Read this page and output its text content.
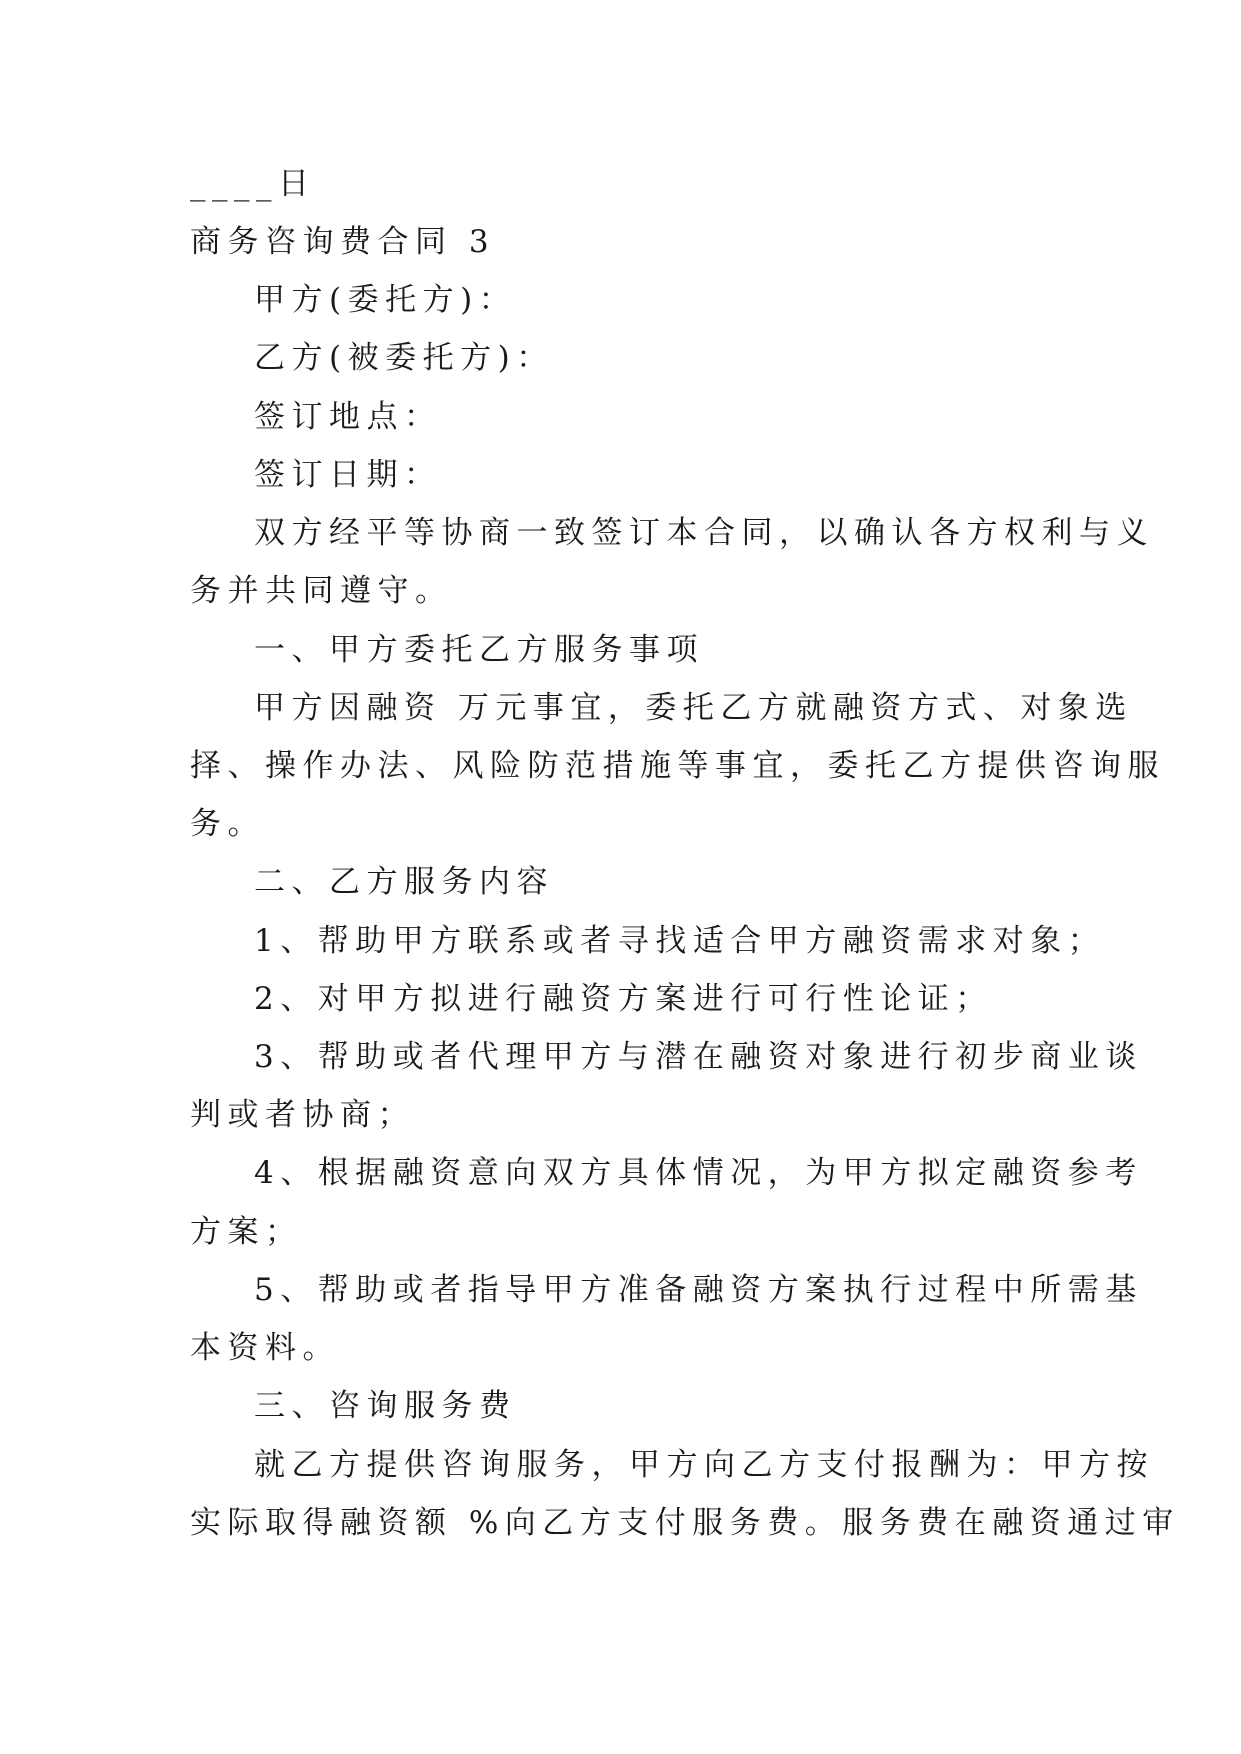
____日
商务咨询费合同 3
甲方(委托方)：
乙方(被委托方)：
签订地点：
签订日期：
双方经平等协商一致签订本合同，以确认各方权利与义
务并共同遵守。
一、甲方委托乙方服务事项
甲方因融资 万元事宜，委托乙方就融资方式、对象选
择、操作办法、风险防范措施等事宜，委托乙方提供咨询服
务。
二、乙方服务内容
1、帮助甲方联系或者寻找适合甲方融资需求对象；
2、对甲方拟进行融资方案进行可行性论证；
3、帮助或者代理甲方与潜在融资对象进行初步商业谈
判或者协商；
4、根据融资意向双方具体情况，为甲方拟定融资参考
方案；
5、帮助或者指导甲方准备融资方案执行过程中所需基
本资料。
三、咨询服务费
就乙方提供咨询服务，甲方向乙方支付报酬为：甲方按
实际取得融资额 %向乙方支付服务费。服务费在融资通过审
